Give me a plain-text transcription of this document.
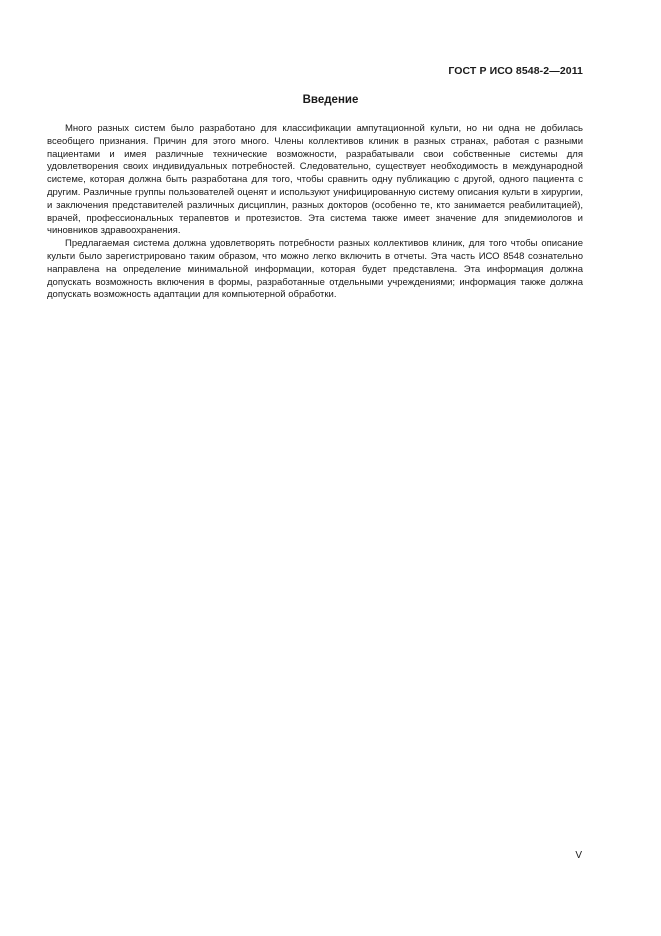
ГОСТ Р ИСО 8548-2—2011
Введение

Много разных систем было разработано для классификации ампутационной культи, но ни одна не добилась всеобщего признания. Причин для этого много. Члены коллективов клиник в разных странах, работая с разными пациентами и имея различные технические возможности, разрабатывали свои собственные системы для удовлетворения своих индивидуальных потребностей. Следовательно, существует необходимость в международной системе, которая должна быть разработана для того, чтобы сравнить одну публикацию с другой, одного пациента с другим. Различные группы пользователей оценят и используют унифицированную систему описания культи в хирургии, и заключения представителей различных дисциплин, разных докторов (особенно те, кто занимается реабилитацией), врачей, профессиональных терапевтов и протезистов. Эта система также имеет значение для эпидемиологов и чиновников здравоохранения.

Предлагаемая система должна удовлетворять потребности разных коллективов клиник, для того чтобы описание культи было зарегистрировано таким образом, что можно легко включить в отчеты. Эта часть ИСО 8548 сознательно направлена на определение минимальной информации, которая будет представлена. Эта информация должна допускать возможность включения в формы, разработанные отдельными учреждениями; информация также должна допускать возможность адаптации для компьютерной обработки.

V
